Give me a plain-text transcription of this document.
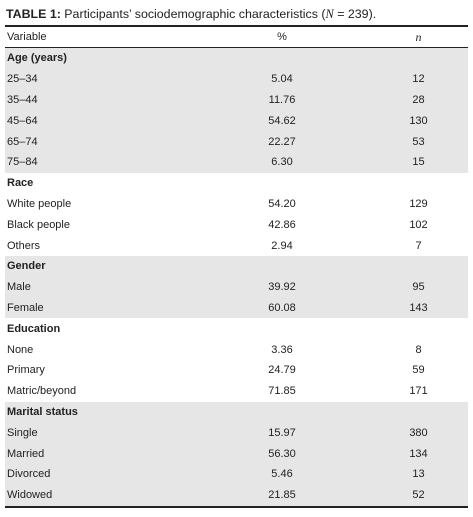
TABLE 1: Participants’ sociodemographic characteristics (N = 239).
Variable	%	n
Age (years)		
25–34	5.04	12
35–44	11.76	28
45–64	54.62	130
65–74	22.27	53
75–84	6.30	15
Race		
White people	54.20	129
Black people	42.86	102
Others	2.94	7
Gender		
Male	39.92	95
Female	60.08	143
Education		
None	3.36	8
Primary	24.79	59
Matric/beyond	71.85	171
Marital status		
Single	15.97	380
Married	56.30	134
Divorced	5.46	13
Widowed	21.85	52
